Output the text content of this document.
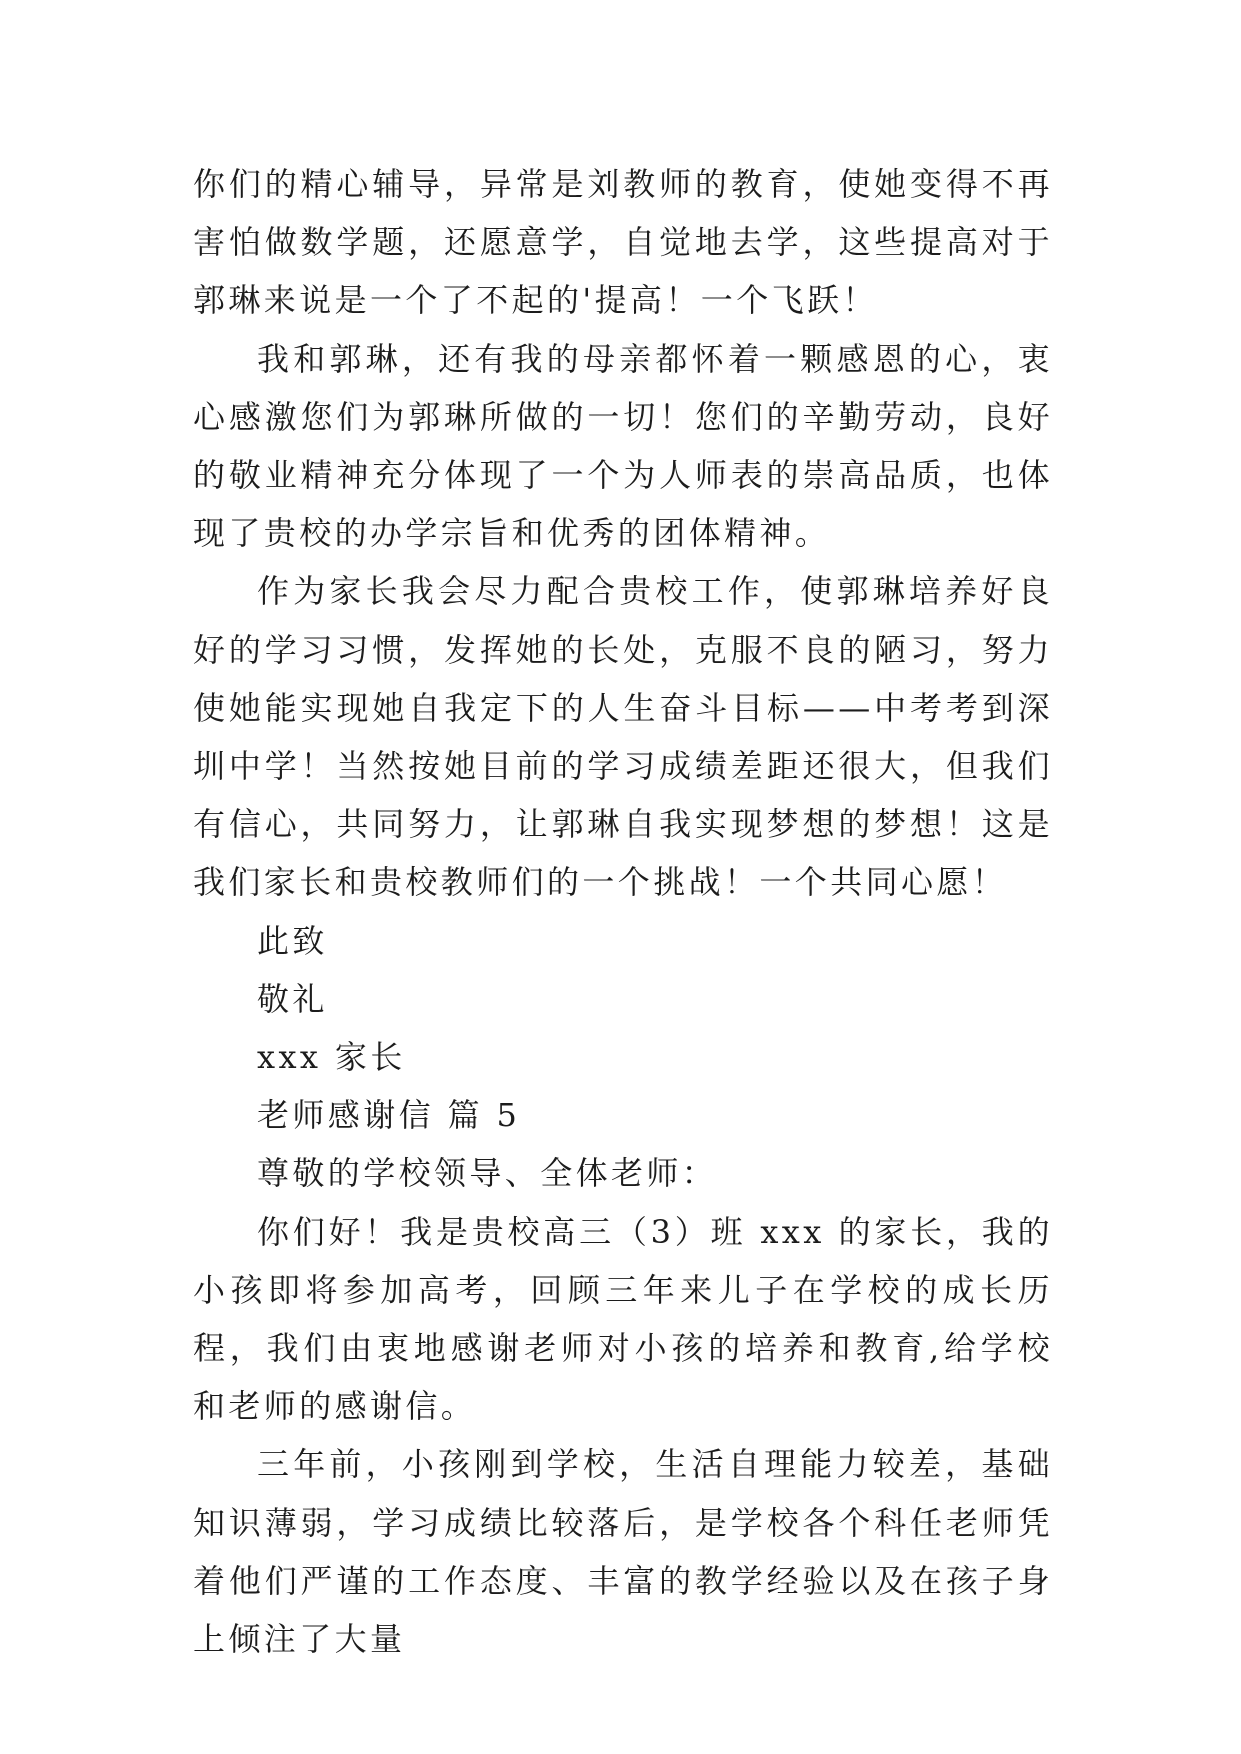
你们的精心辅导，异常是刘教师的教育，使她变得不再害怕做数学题，还愿意学，自觉地去学，这些提高对于郭琳来说是一个了不起的'提高！一个飞跃！

我和郭琳，还有我的母亲都怀着一颗感恩的心，衷心感激您们为郭琳所做的一切！您们的辛勤劳动，良好的敬业精神充分体现了一个为人师表的崇高品质，也体现了贵校的办学宗旨和优秀的团体精神。

作为家长我会尽力配合贵校工作，使郭琳培养好良好的学习习惯，发挥她的长处，克服不良的陋习，努力使她能实现她自我定下的人生奋斗目标——中考考到深圳中学！当然按她目前的学习成绩差距还很大，但我们有信心，共同努力，让郭琳自我实现梦想的梦想！这是我们家长和贵校教师们的一个挑战！一个共同心愿！

此致

敬礼

xxx 家长

老师感谢信 篇 5

尊敬的学校领导、全体老师：

你们好！我是贵校高三（3）班 xxx 的家长，我的小孩即将参加高考，回顾三年来儿子在学校的成长历程，我们由衷地感谢老师对小孩的培养和教育,给学校和老师的感谢信。

三年前，小孩刚到学校，生活自理能力较差，基础知识薄弱，学习成绩比较落后，是学校各个科任老师凭着他们严谨的工作态度、丰富的教学经验以及在孩子身上倾注了大量
